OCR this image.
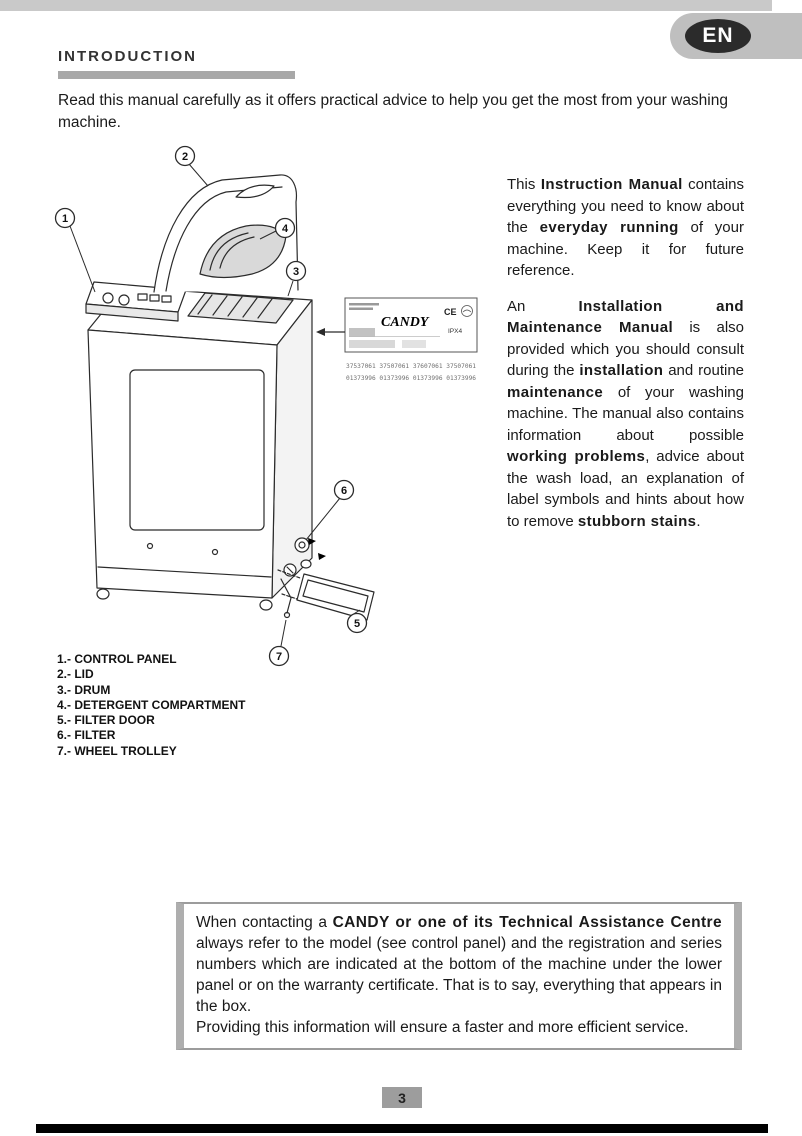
EN
INTRODUCTION

Read this manual carefully as it offers practical advice to help you get the most from your washing machine.

CANDY
CE
IPX4
37537061 37507061 37607061 37507061
01373996 01373996 01373996 01373996
1
2
4
3
6
5
7

This Instruction Manual contains everything you need to know about the everyday running of your machine. Keep it for future reference.

An Installation and Maintenance Manual is also provided which you should consult during the installation and routine maintenance of your washing machine. The manual also contains information about possible working problems, advice about the wash load, an explanation of label symbols and hints about how to remove stubborn stains.

1.- CONTROL PANEL
2.- LID
3.- DRUM
4.- DETERGENT COMPARTMENT
5.- FILTER DOOR
6.- FILTER
7.- WHEEL TROLLEY

When contacting a CANDY or one of its Technical Assistance Centre always refer to the model (see control panel) and the registration and series numbers which are indicated at the bottom of the machine under the lower panel or on the warranty certificate. That is to say, everything that appears in the box.

Providing this information will ensure a faster and more efficient service.

3
